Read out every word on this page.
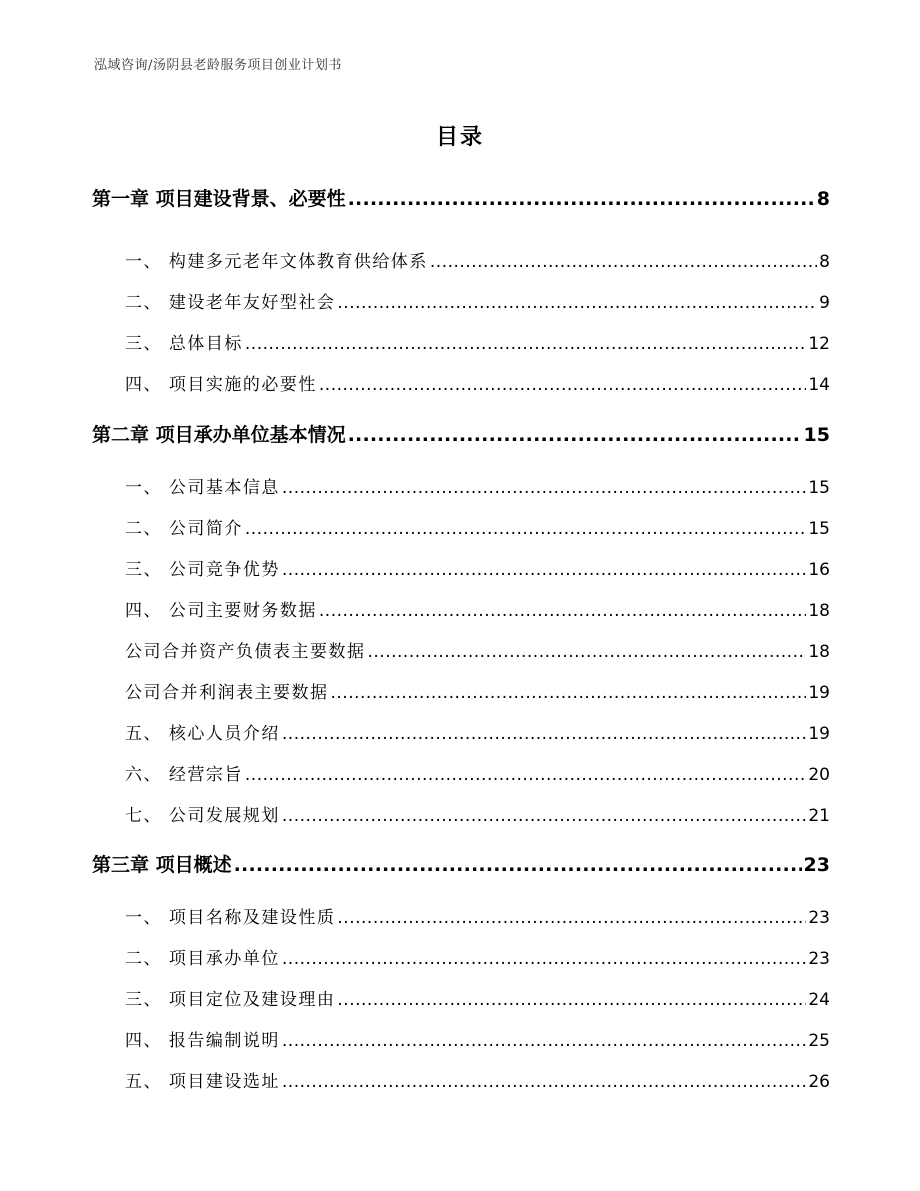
泓域咨询/汤阴县老龄服务项目创业计划书
目录
第一章 项目建设背景、必要性 .....	8
一、 构建多元老年文体教育供给体系 .....	8
二、 建设老年友好型社会 .....	9
三、 总体目标 .....	12
四、 项目实施的必要性 .....	14
第二章 项目承办单位基本情况 .....	15
一、 公司基本信息 .....	15
二、 公司简介 .....	15
三、 公司竞争优势 .....	16
四、 公司主要财务数据 .....	18
公司合并资产负债表主要数据 .....	18
公司合并利润表主要数据 .....	19
五、 核心人员介绍 .....	19
六、 经营宗旨 .....	20
七、 公司发展规划 .....	21
第三章 项目概述 .....	23
一、 项目名称及建设性质 .....	23
二、 项目承办单位 .....	23
三、 项目定位及建设理由 .....	24
四、 报告编制说明 .....	25
五、 项目建设选址 .....	26
